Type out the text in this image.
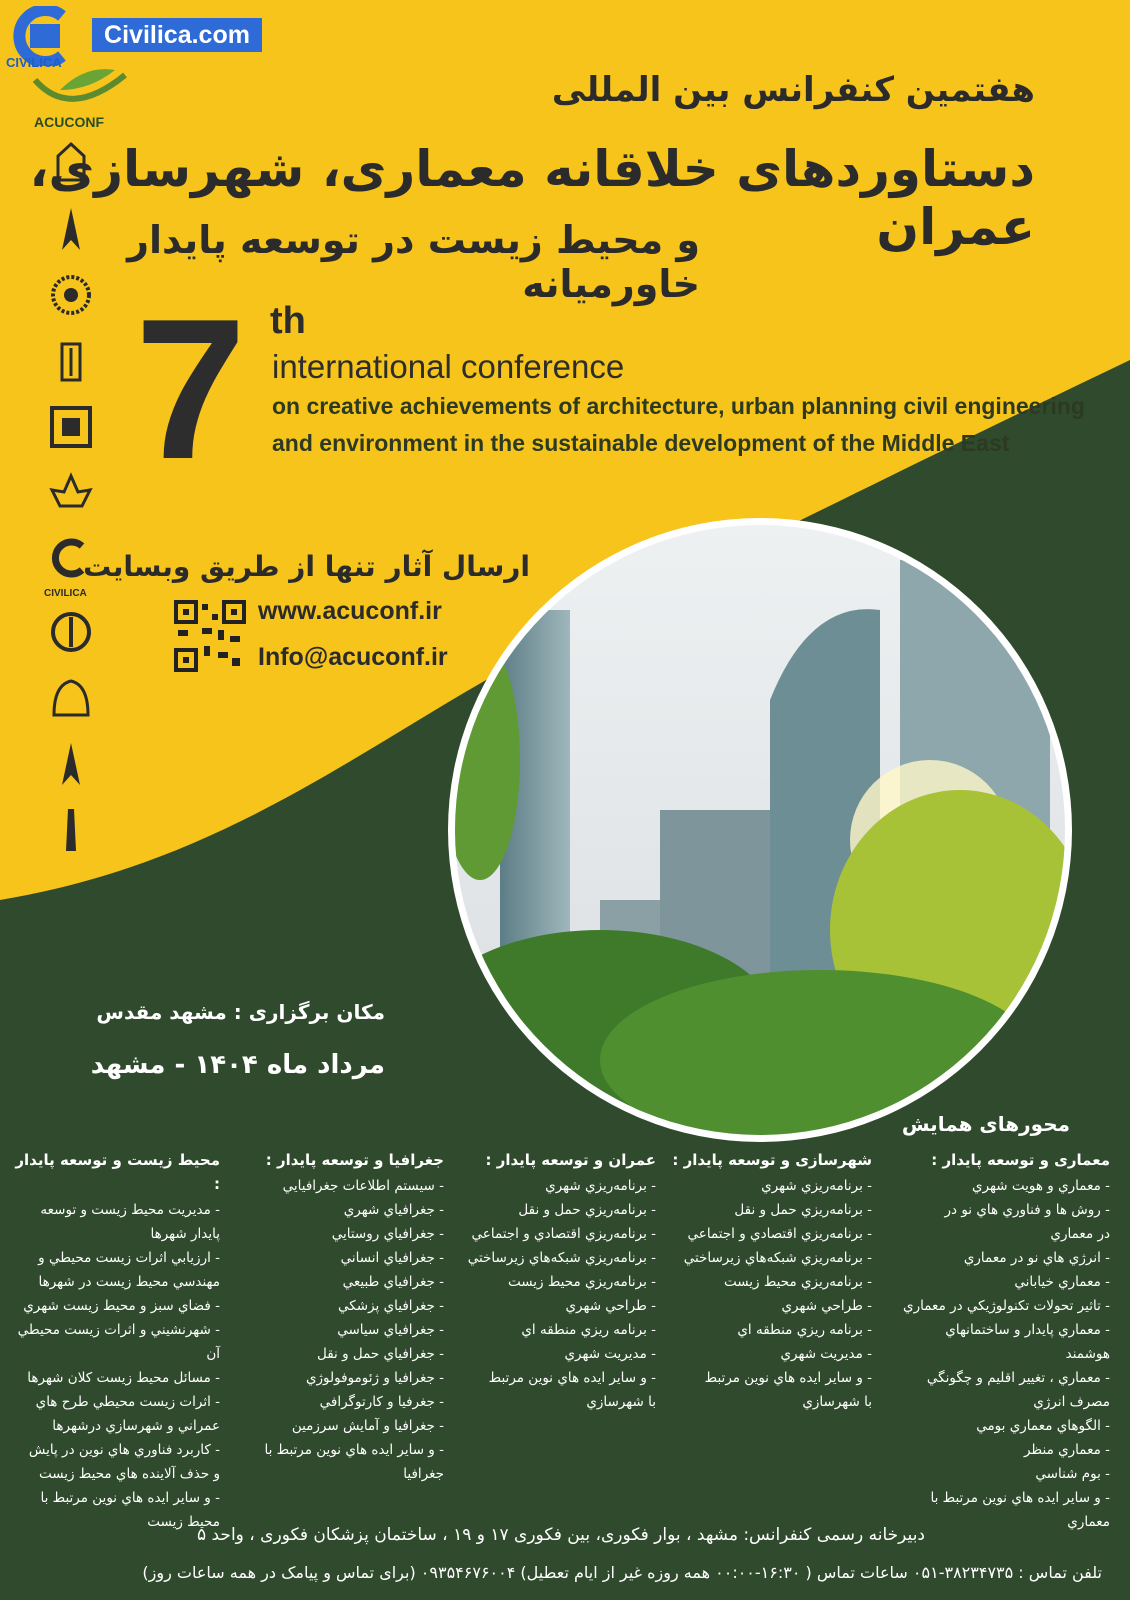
Civilica.com
CIVILICA
ACUCONF

CIVILICA

هفتمین کنفرانس بین المللی
دستاوردهای خلاقانه معماری، شهرسازی، عمران
و محیط زیست در توسعه پایدار خاورمیانه
7 th
international conference
on creative achievements of architecture, urban planning civil engineering
and environment in the sustainable development of the Middle East
ارسال آثار تنها از طریق وبسایت
www.acuconf.ir
Info@acuconf.ir
مکان برگزاری : مشهد مقدس
مرداد ماه ۱۴۰۴ - مشهد
محورهای همایش
معماری و توسعه پایدار :
- معماري و هويت شهري
- روش ها و فناوري هاي نو در
در معماري
- انرژي هاي نو در معماري
- معماري خياباني
- تاثير تحولات تكنولوژيكي در معماري
- معماري پايدار و ساختمانهاي هوشمند
- معماري ، تغيير اقليم و چگونگي
مصرف انرژي
- الگوهاي معماري بومي
- معماري منظر
- بوم شناسي
- و ساير ايده هاي نوين مرتبط با معماري
شهرسازی و توسعه پایدار :
- برنامه‌ريزي شهري
- برنامه‌ريزي حمل و نقل
- برنامه‌ريزي اقتصادي و اجتماعي
- برنامه‌ريزي شبكه‌هاي زيرساختي
- برنامه‌ريزي محيط زيست
- طراحي شهري
- برنامه ريزي منطقه اي
- مديريت شهري
- و ساير ايده هاي نوين مرتبط
با شهرسازي
عمران و توسعه پایدار :
- برنامه‌ريزي شهري
- برنامه‌ريزي حمل و نقل
- برنامه‌ريزي اقتصادي و اجتماعي
- برنامه‌ريزي شبكه‌هاي زيرساختي
- برنامه‌ريزي محيط زيست
- طراحي شهري
- برنامه ريزي منطقه اي
- مديريت شهري
- و ساير ايده هاي نوين مرتبط
با شهرسازي
جغرافیا و توسعه پایدار :
- سيستم اطلاعات جغرافيايي
- جغرافياي شهري
- جغرافياي روستايي
- جغرافياي انساني
- جغرافياي طبيعي
- جغرافياي پزشكي
- جغرافياي سياسي
- جغرافياي حمل و نقل
- جغرافيا و ژئوموفولوژي
- جغرفيا و كارتوگرافي
- جغرافيا و آمايش سرزمين
- و ساير ايده هاي نوين مرتبط با جغرافيا
محیط زیست و توسعه پایدار :
- مديريت محيط زيست و توسعه
پايدار شهرها
- ارزيابي اثرات زيست محيطي و
مهندسي محيط زيست در شهرها
- فضاي سبز و محيط زيست شهري
- شهرنشيني و اثرات زيست محيطي آن
- مسائل محيط زيست كلان شهرها
- اثرات زيست محيطي طرح هاي
عمراني و شهرسازي درشهرها
- كاربرد فناوري هاي نوين در پايش
و حذف آلاينده هاي محيط زيست
- و ساير ايده هاي نوين مرتبط با
محيط زيست
دبیرخانه رسمی کنفرانس: مشهد ، بوار فکوری، بین فکوری ۱۷ و ۱۹ ، ساختمان پزشکان فکوری ، واحد ۵
تلفن تماس : ۳۸۲۳۴۷۳۵-۰۵۱ ساعات تماس ( ۱۶:۳۰-۰۰:۰۰ همه روزه غیر از ایام تعطیل) ۰۹۳۵۴۶۷۶۰۰۴ (برای تماس و پیامک در همه ساعات روز)
